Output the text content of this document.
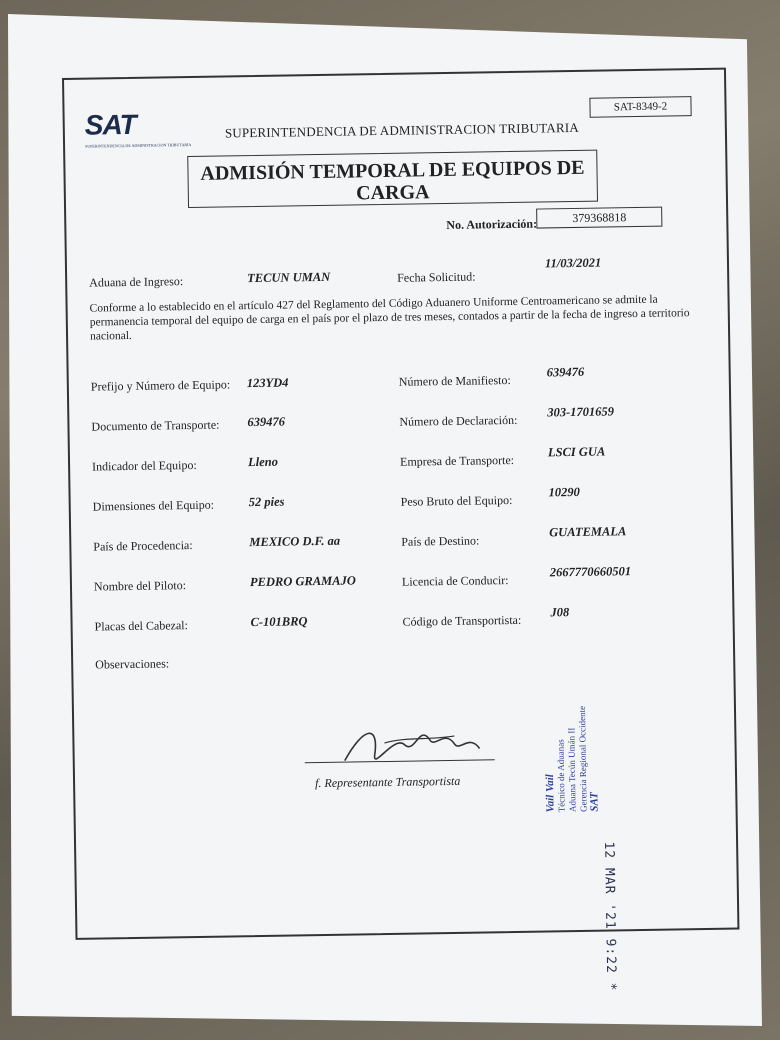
SAT
SUPERINTENDENCIA DE ADMINISTRACION TRIBUTARIA
SUPERINTENDENCIA DE ADMINISTRACION TRIBUTARIA
SAT-8349-2
ADMISIÓN TEMPORAL DE EQUIPOS DE
CARGA
No. Autorización:	379368818
Aduana de Ingreso:	TECUN UMAN	Fecha Solicitud:
11/03/2021
Conforme a lo establecido en el artículo 427 del Reglamento del Código Aduanero Uniforme Centroamericano se admite la permanencia temporal del equipo de carga en el país por el plazo de tres meses, contados a partir de la fecha de ingreso a territorio nacional.
Prefijo y Número de Equipo: 123YD4	Número de Manifiesto:
639476
Documento de Transporte: 639476	Número de Declaración:
303-1701659
Indicador del Equipo:	Lleno	Empresa de Transporte:
LSCI GUA
Dimensiones del Equipo:	52 pies	Peso Bruto del Equipo:
10290
País de Procedencia:	MEXICO D.F. aa	País de Destino:
GUATEMALA
Nombre del Piloto:	PEDRO GRAMAJO	Licencia de Conducir:
2667770660501
Placas del Cabezal:	C-101BRQ	Código de Transportista:
J08
Observaciones:
f. Representante Transportista	Vail Vail
Técnico de Aduanas Aduana Tecún Umán II Gerencia Regional Occidente SAT
12 MAR '21 9:22 *
